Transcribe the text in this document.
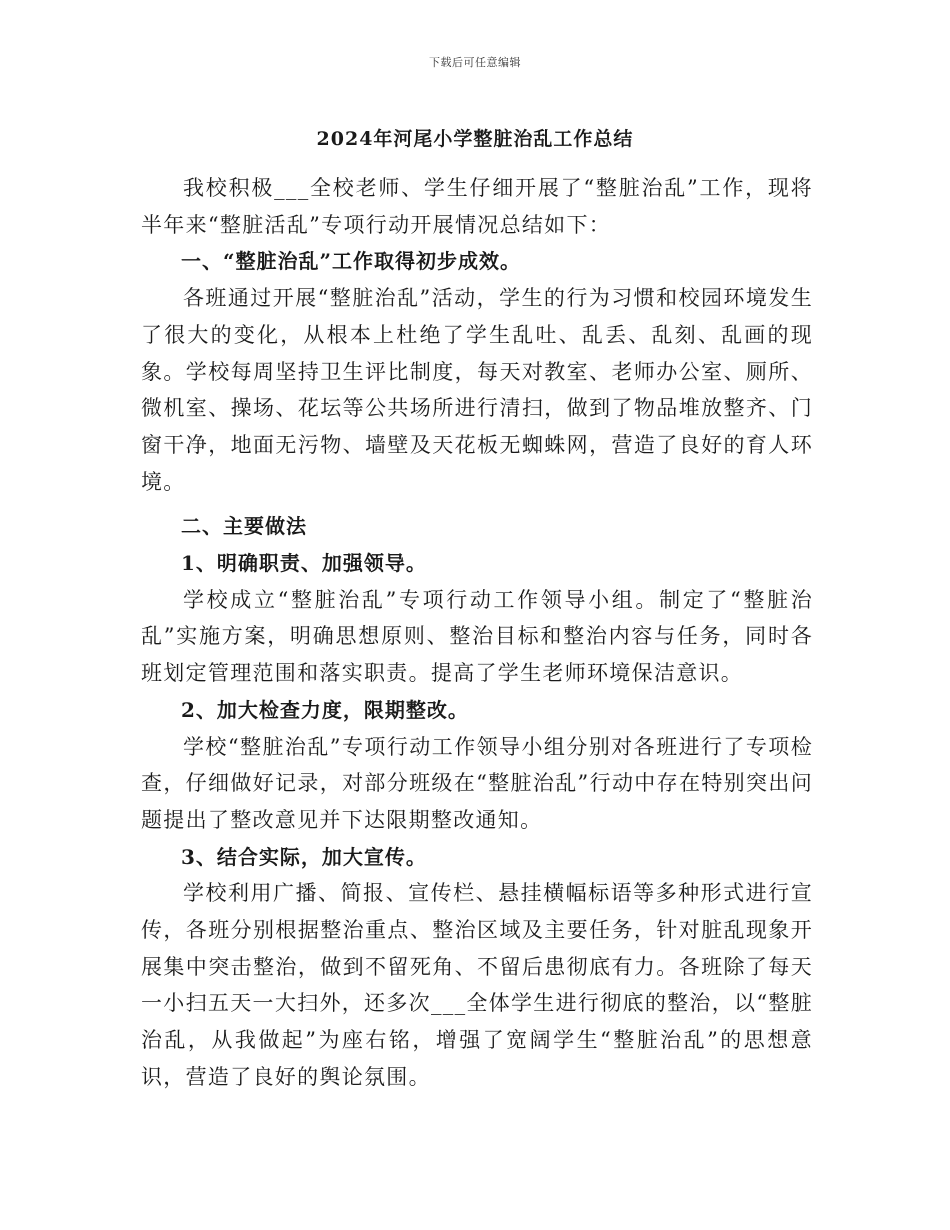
下载后可任意编辑
2024年河尾小学整脏治乱工作总结

我校积极___全校老师、学生仔细开展了“整脏治乱”工作，现将半年来“整脏活乱”专项行动开展情况总结如下：

一、“整脏治乱”工作取得初步成效。

各班通过开展“整脏治乱”活动，学生的行为习惯和校园环境发生了很大的变化，从根本上杜绝了学生乱吐、乱丢、乱刻、乱画的现象。学校每周坚持卫生评比制度，每天对教室、老师办公室、厕所、微机室、操场、花坛等公共场所进行清扫，做到了物品堆放整齐、门窗干净，地面无污物、墙壁及天花板无蜘蛛网，营造了良好的育人环境。

二、主要做法

1、明确职责、加强领导。

学校成立“整脏治乱”专项行动工作领导小组。制定了“整脏治乱”实施方案，明确思想原则、整治目标和整治内容与任务，同时各班划定管理范围和落实职责。提高了学生老师环境保洁意识。

2、加大检查力度，限期整改。

学校“整脏治乱”专项行动工作领导小组分别对各班进行了专项检查，仔细做好记录，对部分班级在“整脏治乱”行动中存在特别突出问题提出了整改意见并下达限期整改通知。

3、结合实际，加大宣传。

学校利用广播、简报、宣传栏、悬挂横幅标语等多种形式进行宣传，各班分别根据整治重点、整治区域及主要任务，针对脏乱现象开展集中突击整治，做到不留死角、不留后患彻底有力。各班除了每天一小扫五天一大扫外，还多次___全体学生进行彻底的整治，以“整脏治乱，从我做起”为座右铭，增强了宽阔学生“整脏治乱”的思想意识，营造了良好的舆论氛围。
